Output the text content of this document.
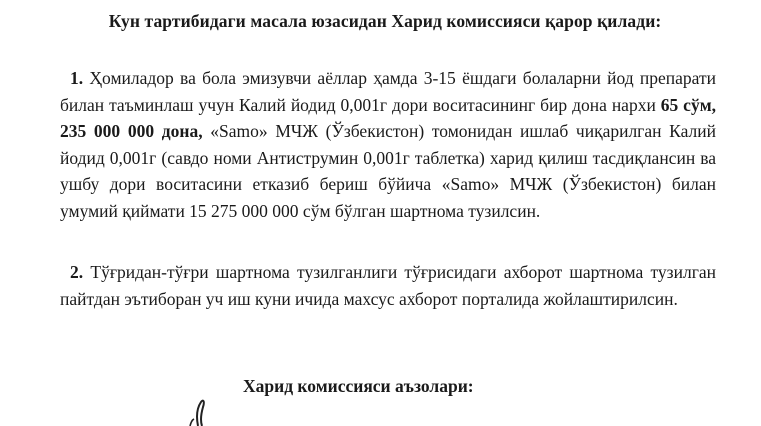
Кун тартибидаги масала юзасидан Харид комиссияси қарор қилади:
1. Ҳомиладор ва бола эмизувчи аёллар ҳамда 3-15 ёшдаги болаларни йод препарати билан таъминлаш учун Калий йодид 0,001г дори воситасининг бир дона нархи 65 сўм, 235 000 000 дона, «Samo» МЧЖ (Ўзбекистон) томонидан ишлаб чиқарилган Калий йодид 0,001г (савдо номи Антиструмин 0,001г таблетка) харид қилиш тасдиқлансин ва ушбу дори воситасини етказиб бериш бўйича «Samo» МЧЖ (Ўзбекистон) билан умумий қиймати 15 275 000 000 сўм бўлган шартнома тузилсин.
2. Тўғридан-тўғри шартнома тузилганлиги тўғрисидаги ахборот шартнома тузилган пайтдан эътиборан уч иш куни ичида махсус ахборот порталида жойлаштирилсин.
Харид комиссияси аъзолари:
